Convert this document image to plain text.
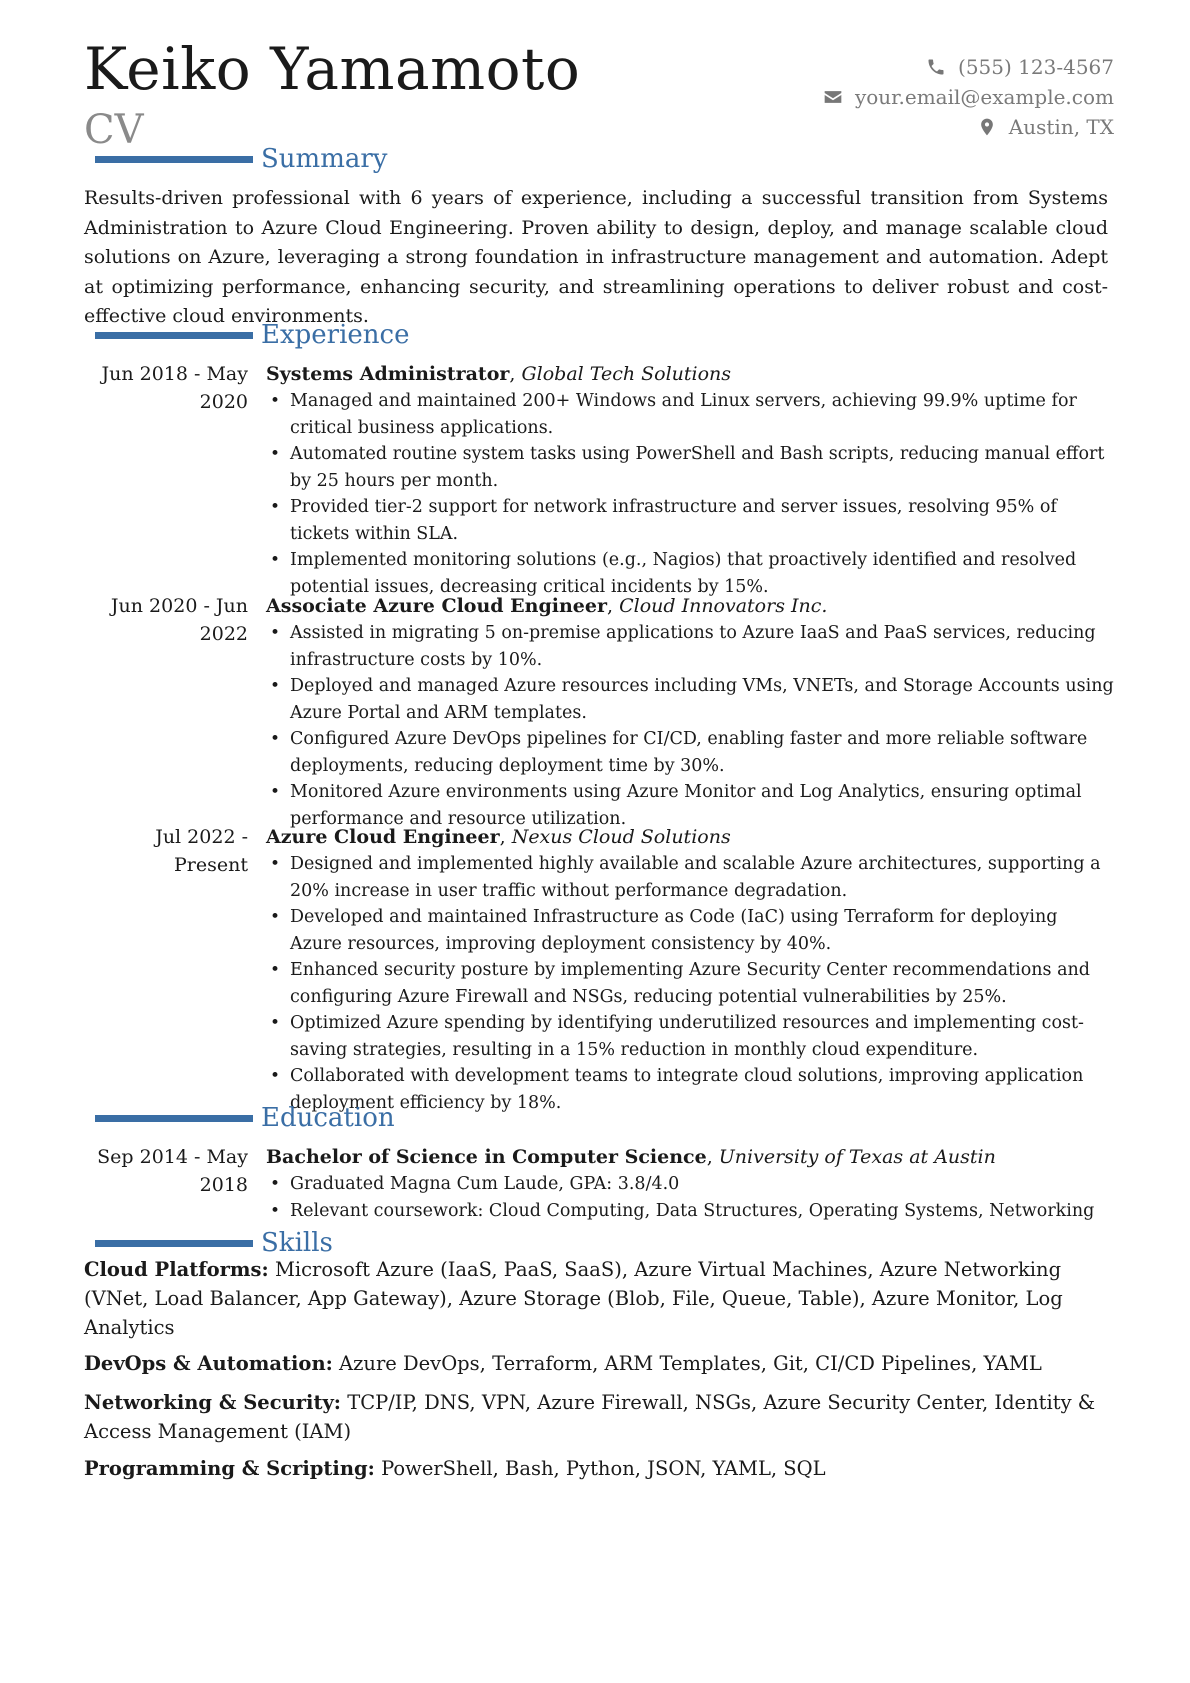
Keiko Yamamoto
CV
(555) 123-4567
your.email@example.com
Austin, TX
Summary
Results-driven professional with 6 years of experience, including a successful transition from Systems Administration to Azure Cloud Engineering. Proven ability to design, deploy, and manage scalable cloud solutions on Azure, leveraging a strong foundation in infrastructure management and automation. Adept at optimizing performance, enhancing security, and streamlining operations to deliver robust and cost-effective cloud environments.
Experience
Jun 2018 - May 2020
Systems Administrator, Global Tech Solutions
• Managed and maintained 200+ Windows and Linux servers, achieving 99.9% uptime for critical business applications.
• Automated routine system tasks using PowerShell and Bash scripts, reducing manual effort by 25 hours per month.
• Provided tier-2 support for network infrastructure and server issues, resolving 95% of tickets within SLA.
• Implemented monitoring solutions (e.g., Nagios) that proactively identified and resolved potential issues, decreasing critical incidents by 15%.
Jun 2020 - Jun 2022
Associate Azure Cloud Engineer, Cloud Innovators Inc.
• Assisted in migrating 5 on-premise applications to Azure IaaS and PaaS services, reducing infrastructure costs by 10%.
• Deployed and managed Azure resources including VMs, VNETs, and Storage Accounts using Azure Portal and ARM templates.
• Configured Azure DevOps pipelines for CI/CD, enabling faster and more reliable software deployments, reducing deployment time by 30%.
• Monitored Azure environments using Azure Monitor and Log Analytics, ensuring optimal performance and resource utilization.
Jul 2022 - Present
Azure Cloud Engineer, Nexus Cloud Solutions
• Designed and implemented highly available and scalable Azure architectures, supporting a 20% increase in user traffic without performance degradation.
• Developed and maintained Infrastructure as Code (IaC) using Terraform for deploying Azure resources, improving deployment consistency by 40%.
• Enhanced security posture by implementing Azure Security Center recommendations and configuring Azure Firewall and NSGs, reducing potential vulnerabilities by 25%.
• Optimized Azure spending by identifying underutilized resources and implementing cost-saving strategies, resulting in a 15% reduction in monthly cloud expenditure.
• Collaborated with development teams to integrate cloud solutions, improving application deployment efficiency by 18%.
Education
Sep 2014 - May 2018
Bachelor of Science in Computer Science, University of Texas at Austin
• Graduated Magna Cum Laude, GPA: 3.8/4.0
• Relevant coursework: Cloud Computing, Data Structures, Operating Systems, Networking
Skills
Cloud Platforms: Microsoft Azure (IaaS, PaaS, SaaS), Azure Virtual Machines, Azure Networking (VNet, Load Balancer, App Gateway), Azure Storage (Blob, File, Queue, Table), Azure Monitor, Log Analytics
DevOps & Automation: Azure DevOps, Terraform, ARM Templates, Git, CI/CD Pipelines, YAML
Networking & Security: TCP/IP, DNS, VPN, Azure Firewall, NSGs, Azure Security Center, Identity & Access Management (IAM)
Programming & Scripting: PowerShell, Bash, Python, JSON, YAML, SQL
